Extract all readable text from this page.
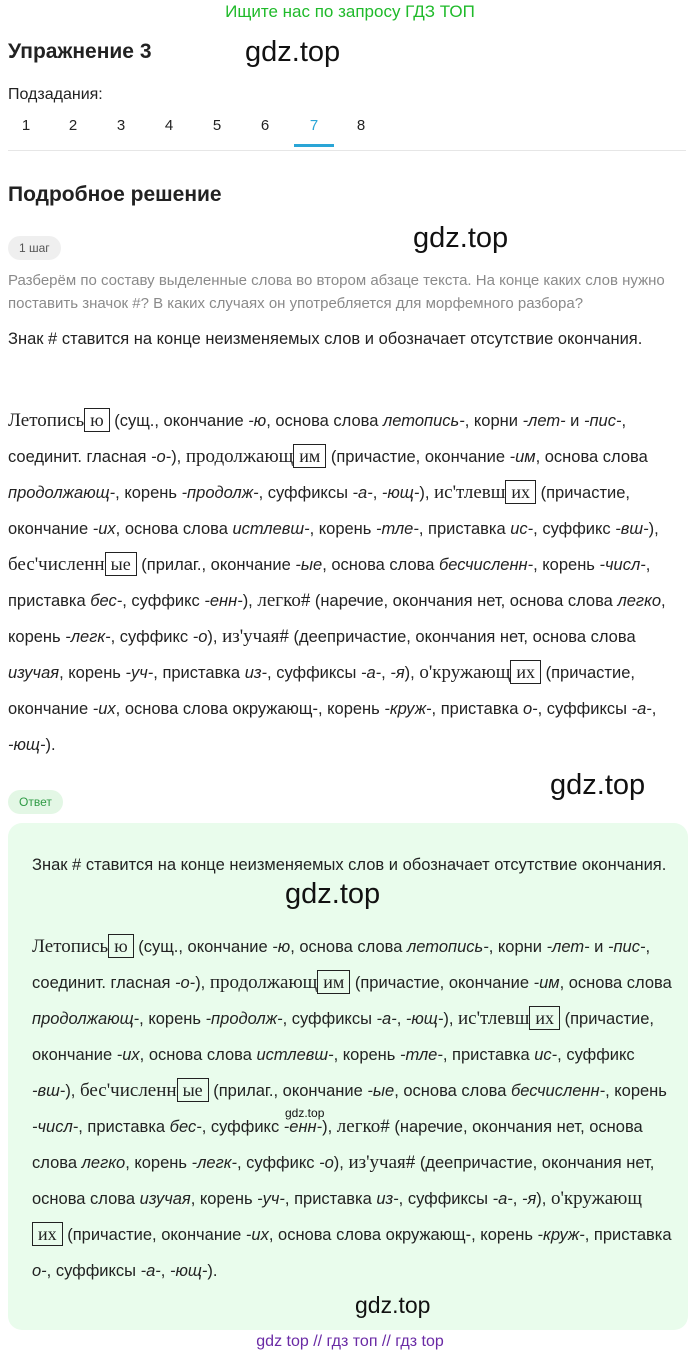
Ищите нас по запросу ГДЗ ТОП
Упражнение 3	gdz.top
Подзадания:
1	2	3	4	5	6	7	8
Подробное решение
gdz.top
1 шаг
Разберём по составу выделенные слова во втором абзаце текста. На конце каких слов нужно поставить значок #? В каких случаях он употребляется для морфемного разбора?
Знак # ставится на конце неизменяемых слов и обозначает отсутствие окончания.
Летопись ю (сущ., окончание -ю, основа слова летопись-, корни -лет- и -пис-, соединит. гласная -о-), продолжающ им (причастие, окончание -им, основа слова продолжающ-, корень -продолж-, суффиксы -а-, -ющ-), ис'тлевш их (причастие, окончание -их, основа слова истлевш-, корень -тле-, приставка ис-, суффикс -вш-), бес'численн ые (прилаг., окончание -ые, основа слова бесчисленн-, корень -числ-, приставка бес-, суффикс -енн-), легко# (наречие, окончания нет, основа слова легко, корень -легк-, суффикс -о), из'учая# (деепричастие, окончания нет, основа слова изучая, корень -уч-, приставка из-, суффиксы -а-, -я), о'кружающ их (причастие, окончание -их, основа слова окружающ-, корень -круж-, приставка о-, суффиксы -а-, -ющ-).
gdz.top
Ответ
Знак # ставится на конце неизменяемых слов и обозначает отсутствие окончания.
Летопись ю (сущ., окончание -ю, основа слова летопись-, корни -лет- и -пис-, соединит. гласная -о-), продолжающ им (причастие, окончание -им, основа слова продолжающ-, корень -продолж-, суффиксы -а-, -ющ-), ис'тлевш их (причастие, окончание -их, основа слова истлевш-, корень -тле-, приставка ис-, суффикс -вш-), бес'численн ые (прилаг., окончание -ые, основа слова бесчисленн-, корень -числ-, приставка бес-, суффикс -енн-), легко# (наречие, окончания нет, основа слова легко, корень -легк-, суффикс -о), из'учая# (деепричастие, окончания нет, основа слова изучая, корень -уч-, приставка из-, суффиксы -а-, -я), о'кружающих (причастие, окончание -их, основа слова окружающ-, корень -круж-, приставка о-, суффиксы -а-, -ющ-).
gdz.top
gdz.top
gdz.top
gdz top // гдз топ // гдз top
